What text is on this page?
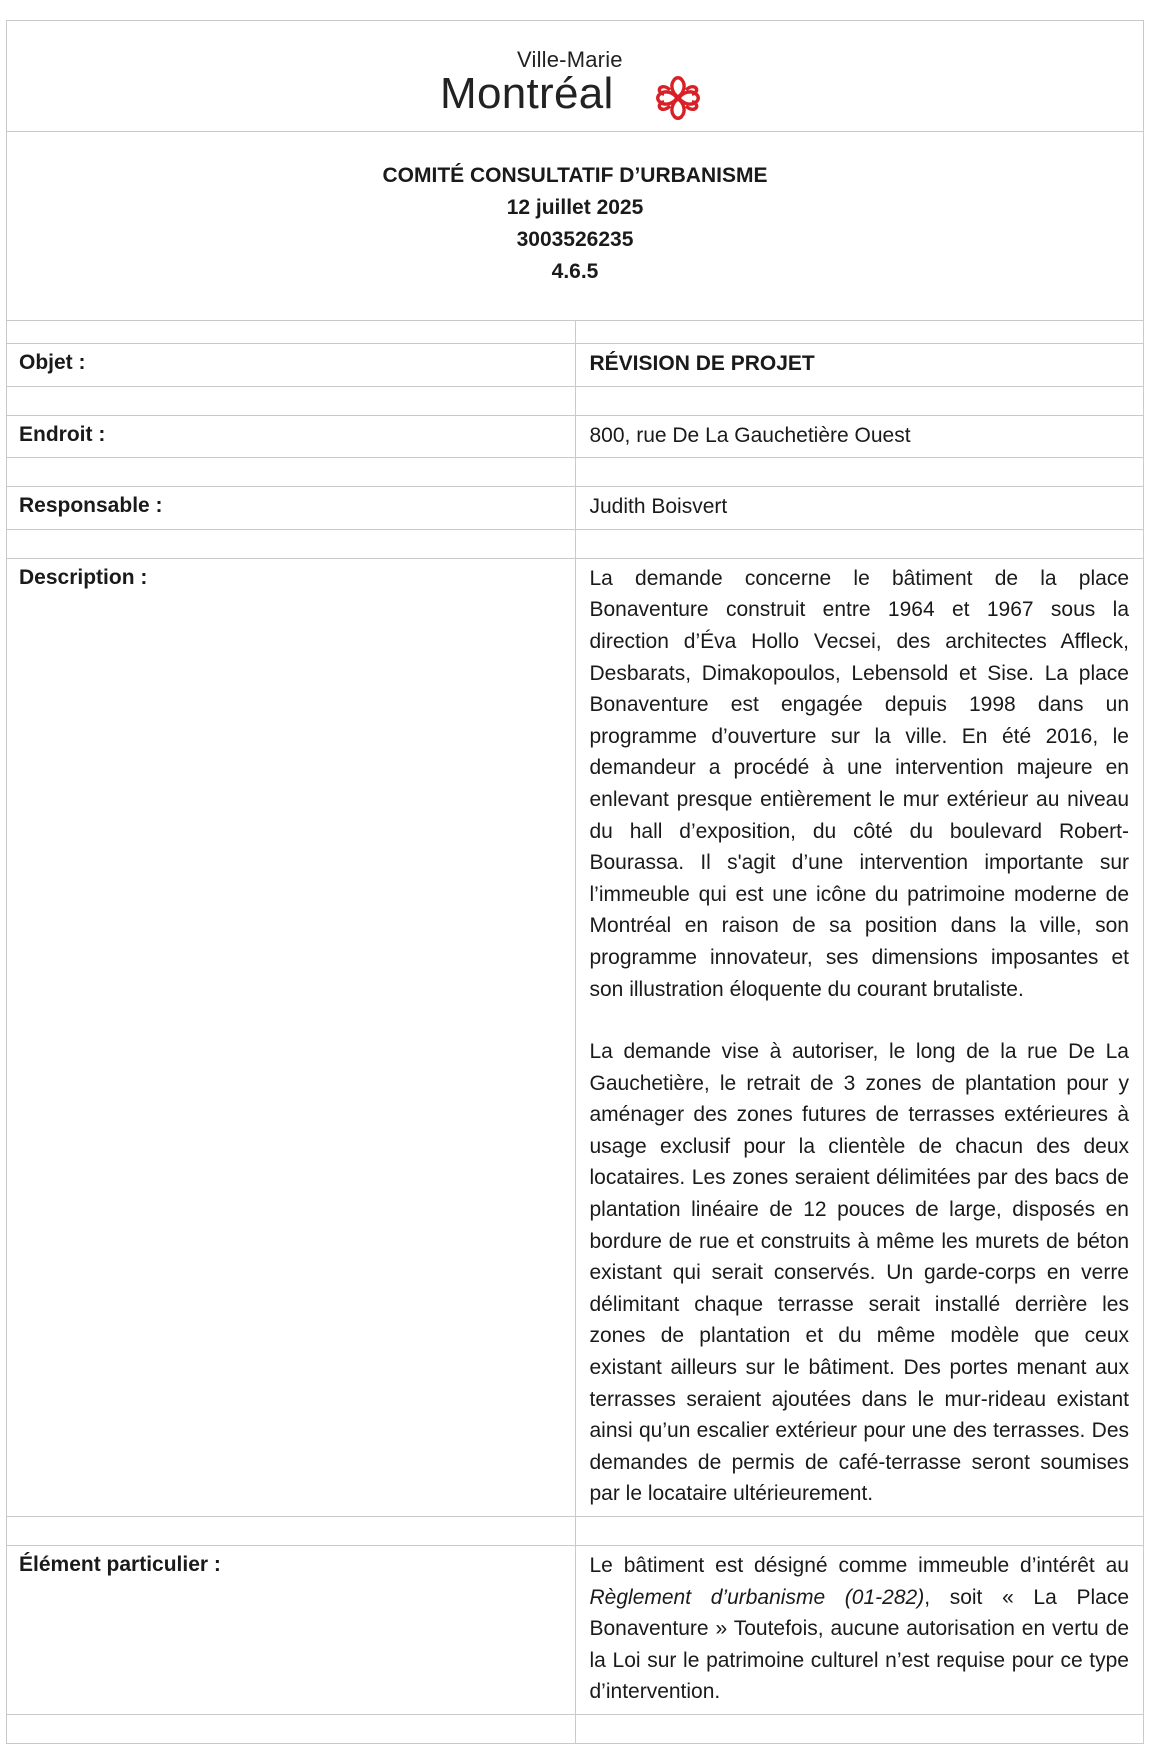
Ville-Marie
Montréal	

COMITÉ CONSULTATIF D’URBANISME
12 juillet 2025
3003526235
4.6.5	

Objet :	RÉVISION DE PROJET

Endroit :	800, rue De La Gauchetière Ouest

Responsable :	Judith Boisvert

Description :	La demande concerne le bâtiment de la place Bonaventure construit entre 1964 et 1967 sous la direction d’Éva Hollo Vecsei, des architectes Affleck, Desbarats, Dimakopoulos, Lebensold et Sise. La place Bonaventure est engagée depuis 1998 dans un programme d’ouverture sur la ville. En été 2016, le demandeur a procédé à une intervention majeure en enlevant presque entièrement le mur extérieur au niveau du hall d’exposition, du côté du boulevard Robert-Bourassa. Il s'agit d’une intervention importante sur l’immeuble qui est une icône du patrimoine moderne de Montréal en raison de sa position dans la ville, son programme innovateur, ses dimensions imposantes et son illustration éloquente du courant brutaliste.

La demande vise à autoriser, le long de la rue De La Gauchetière, le retrait de 3 zones de plantation pour y aménager des zones futures de terrasses extérieures à usage exclusif pour la clientèle de chacun des deux locataires. Les zones seraient délimitées par des bacs de plantation linéaire de 12 pouces de large, disposés en bordure de rue et construits à même les murets de béton existant qui serait conservés. Un garde-corps en verre délimitant chaque terrasse serait installé derrière les zones de plantation et du même modèle que ceux existant ailleurs sur le bâtiment. Des portes menant aux terrasses seraient ajoutées dans le mur-rideau existant ainsi qu’un escalier extérieur pour une des terrasses. Des demandes de permis de café-terrasse seront soumises par le locataire ultérieurement.

Élément particulier :	Le bâtiment est désigné comme immeuble d’intérêt au Règlement d’urbanisme (01-282), soit « La Place Bonaventure » Toutefois, aucune autorisation en vertu de la Loi sur le patrimoine culturel n’est requise pour ce type d’intervention.
